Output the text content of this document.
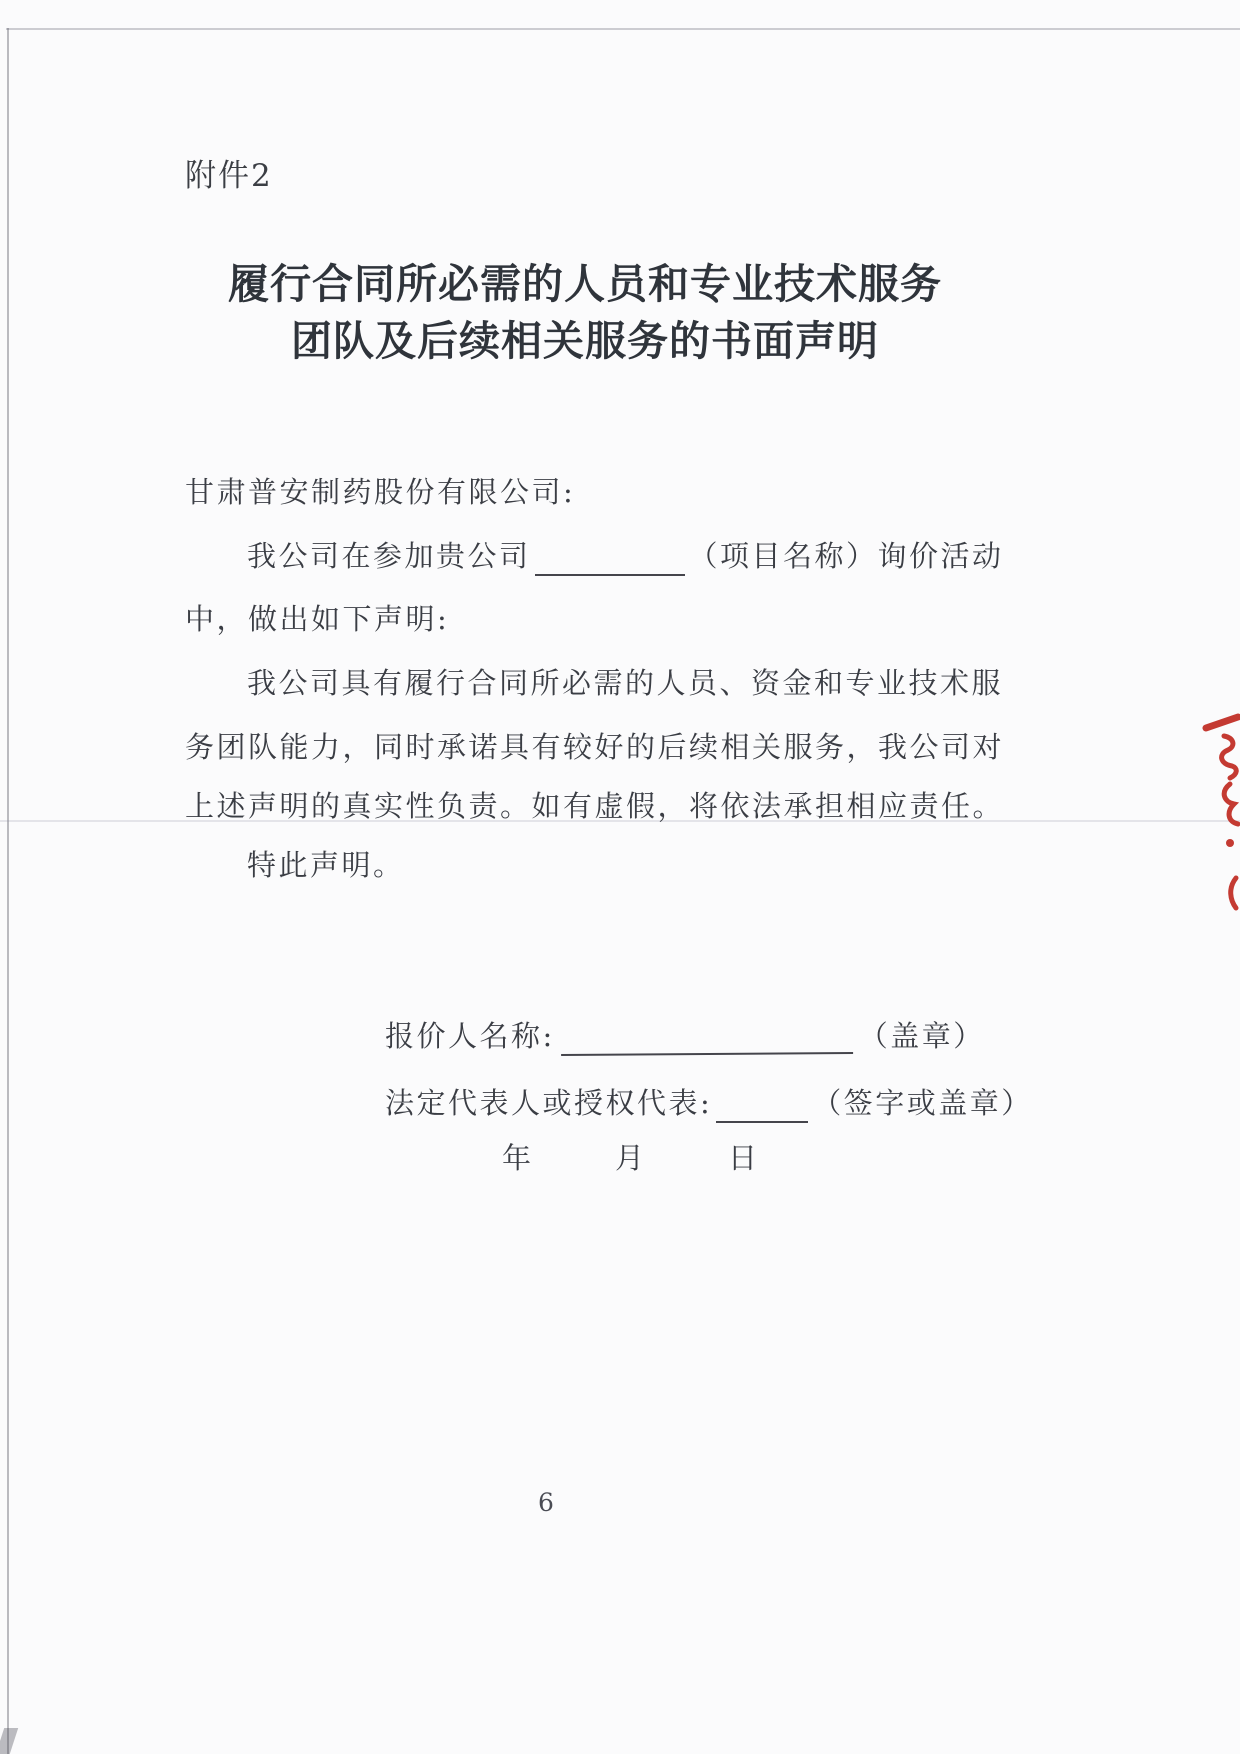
附件2
履行合同所必需的人员和专业技术服务
团队及后续相关服务的书面声明
甘肃普安制药股份有限公司:
我公司在参加贵公司	（项目名称）询价活动
中，做出如下声明:
我公司具有履行合同所必需的人员、资金和专业技术服
务团队能力，同时承诺具有较好的后续相关服务，我公司对
上述声明的真实性负责。如有虚假，将依法承担相应责任。
特此声明。
报价人名称:	（盖章）
法定代表人或授权代表:	（签字或盖章）
年	月	日
6
